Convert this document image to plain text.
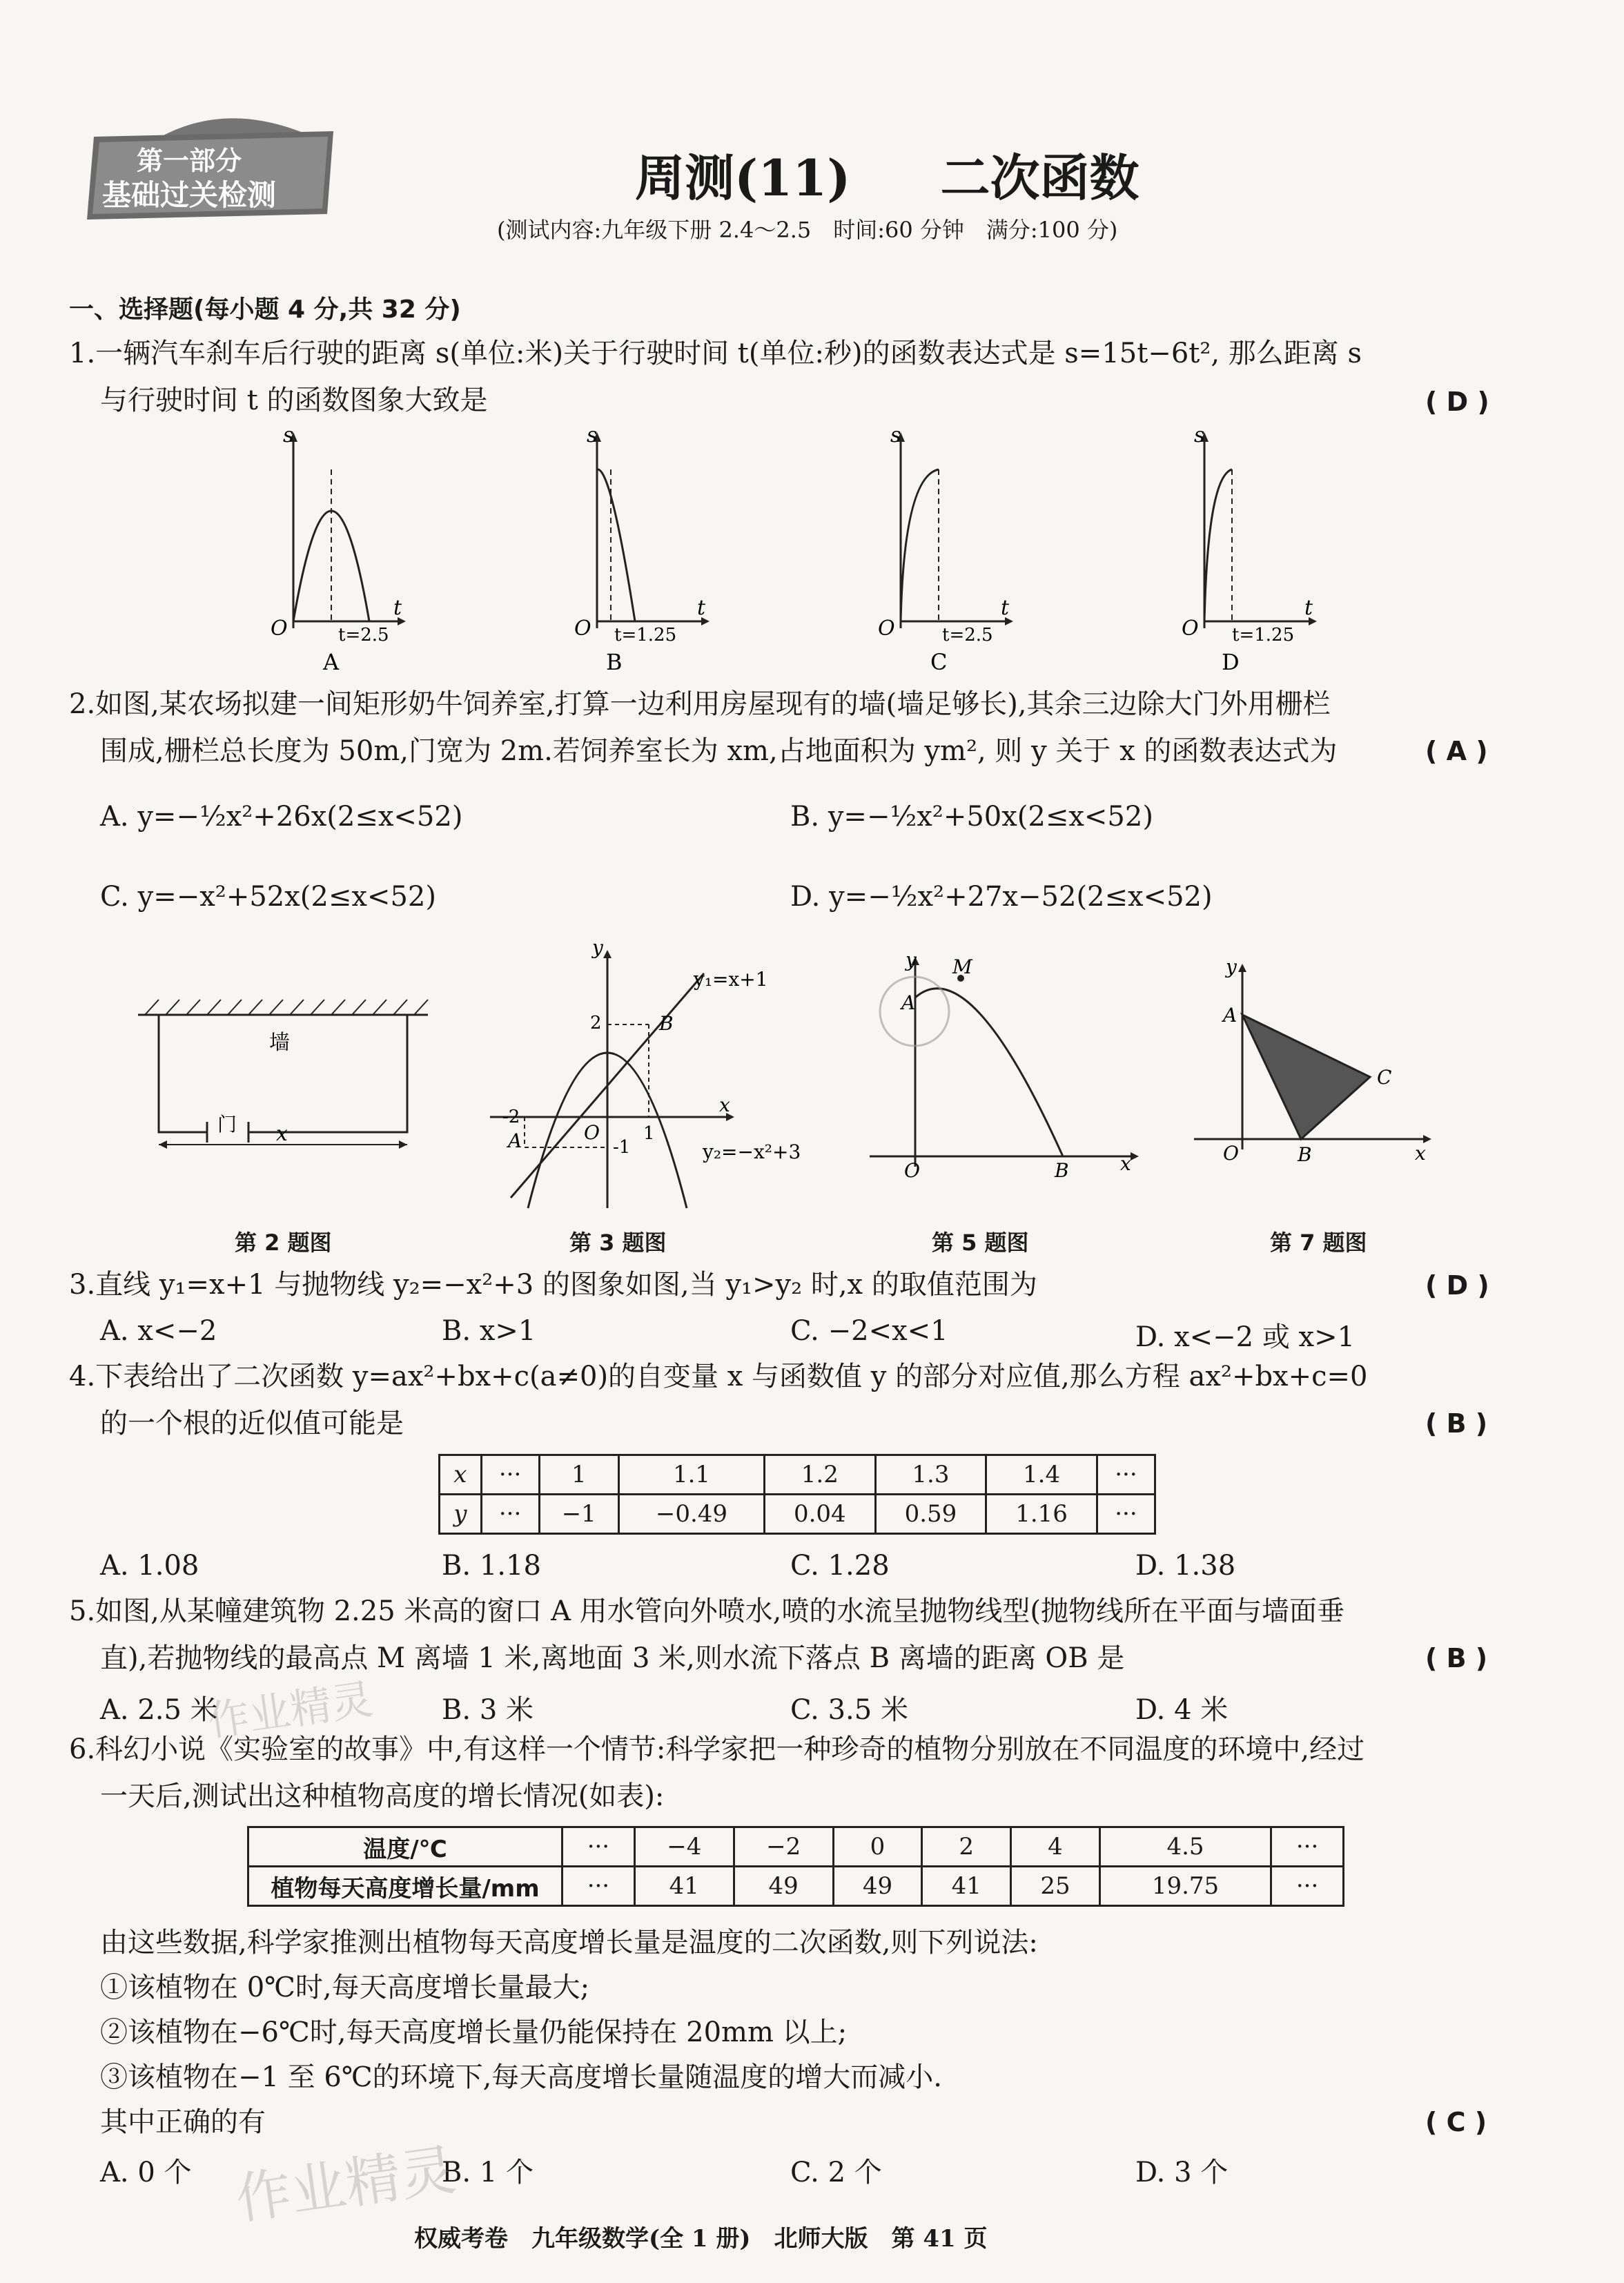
第一部分
基础过关检测	周测(11) 二次函数
(测试内容:九年级下册 2.4～2.5　时间:60 分钟　满分:100 分)
一、选择题(每小题 4 分,共 32 分)
1.一辆汽车刹车后行驶的距离 s(单位:米)关于行驶时间 t(单位:秒)的函数表达式是 s=15t−6t², 那么距离 s
与行驶时间 t 的函数图象大致是	( D )
s
t
O	t=2.5
A
s
t
O t=1.25
B
s
t
O	t=2.5
C
s
t
O t=1.25
D
2.如图,某农场拟建一间矩形奶牛饲养室,打算一边利用房屋现有的墙(墙足够长),其余三边除大门外用栅栏
围成,栅栏总长度为 50m,门宽为 2m.若饲养室长为 xm,占地面积为 ym², 则 y 关于 x 的函数表达式为	( A )
A. y=−½x²+26x(2≤x<52)	B. y=−½x²+50x(2≤x<52)
C. y=−x²+52x(2≤x<52)	D. y=−½x²+27x−52(2≤x<52)
墙
门 x
第 2 题图
y
x
O
y₁=x+1
y₂=−x²+3
2
-2
1
-1
A
B
第 3 题图
y
x
O
M
A
B
第 5 题图
y
x
O
A
B
C
第 7 题图
3.直线 y₁=x+1 与抛物线 y₂=−x²+3 的图象如图,当 y₁>y₂ 时,x 的取值范围为	( D )
A. x<−2	B. x>1	C. −2<x<1	D. x<−2 或 x>1
4.下表给出了二次函数 y=ax²+bx+c(a≠0)的自变量 x 与函数值 y 的部分对应值,那么方程 ax²+bx+c=0
的一个根的近似值可能是	( B )
x	···	1	1.1	1.2	1.3	1.4	···
y	···	−1	−0.49	0.04	0.59	1.16	···
A. 1.08	B. 1.18	C. 1.28	D. 1.38
5.如图,从某幢建筑物 2.25 米高的窗口 A 用水管向外喷水,喷的水流呈抛物线型(抛物线所在平面与墙面垂
直),若抛物线的最高点 M 离墙 1 米,离地面 3 米,则水流下落点 B 离墙的距离 OB 是	( B )
A. 2.5 米	B. 3 米	C. 3.5 米	D. 4 米
6.科幻小说《实验室的故事》中,有这样一个情节:科学家把一种珍奇的植物分别放在不同温度的环境中,经过
一天后,测试出这种植物高度的增长情况(如表):
温度/℃	···	−4	−2	0	2	4	4.5	···
植物每天高度增长量/mm	···	41	49	49	41	25	19.75	···
由这些数据,科学家推测出植物每天高度增长量是温度的二次函数,则下列说法:
①该植物在 0℃时,每天高度增长量最大;
②该植物在−6℃时,每天高度增长量仍能保持在 20mm 以上;
③该植物在−1 至 6℃的环境下,每天高度增长量随温度的增大而减小.
其中正确的有	( C )
A. 0 个	B. 1 个	C. 2 个	D. 3 个
作业精灵
作业精灵
权威考卷　九年级数学(全 1 册)　北师大版　第 41 页
